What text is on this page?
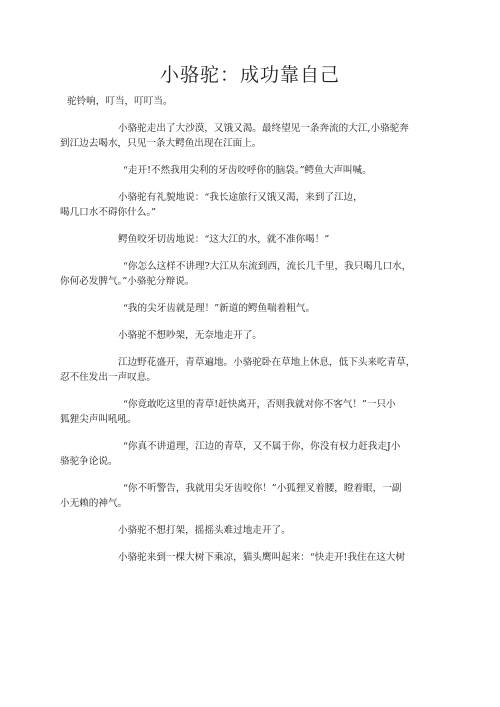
小骆驼：成功靠自己
驼铃响，叮当，叮叮当。
小骆驼走出了大沙漠，又饿又渴。最终望见一条奔流的大江,小骆驼奔
到江边去喝水，只见一条大鳄鱼出现在江面上。
“走开!不然我用尖利的牙齿咬呼你的脑袋。”鳄鱼大声叫喊。
小骆驼有礼貌地说：“我长途旅行又饿又渴，来到了江边，
喝几口水不碍你什么。”
鳄鱼咬牙切齿地说：“这大江的水，就不准你喝！”
“你怎么这样不讲理?大江从东流到西，流长几千里，我只喝几口水，
你何必发脾气。”小骆驼分辩说。
“我的尖牙齿就是理！”新道的鳄鱼喘着粗气。
小骆驼不想吵架，无奈地走开了。
江边野花盛开，青草遍地。小骆驼卧在草地上休息，低下头来吃青草，
忍不住发出一声叹息。
“你竟敢吃这里的青草!赶快离开，否则我就对你不客气！”一只小
狐狸尖声叫吼吼。
“你真不讲道理，江边的青草，又不属于你，你没有权力赶我走J小
骆驼争论说。
“你不听警告，我就用尖牙齿咬你！”小狐狸叉着腰，瞪着眼，一副
小无赖的神气。
小骆驼不想打架，摇摇头难过地走开了。
小骆驼来到一棵大树下乘凉，猫头鹰叫起来：“快走开!我住在这大树
